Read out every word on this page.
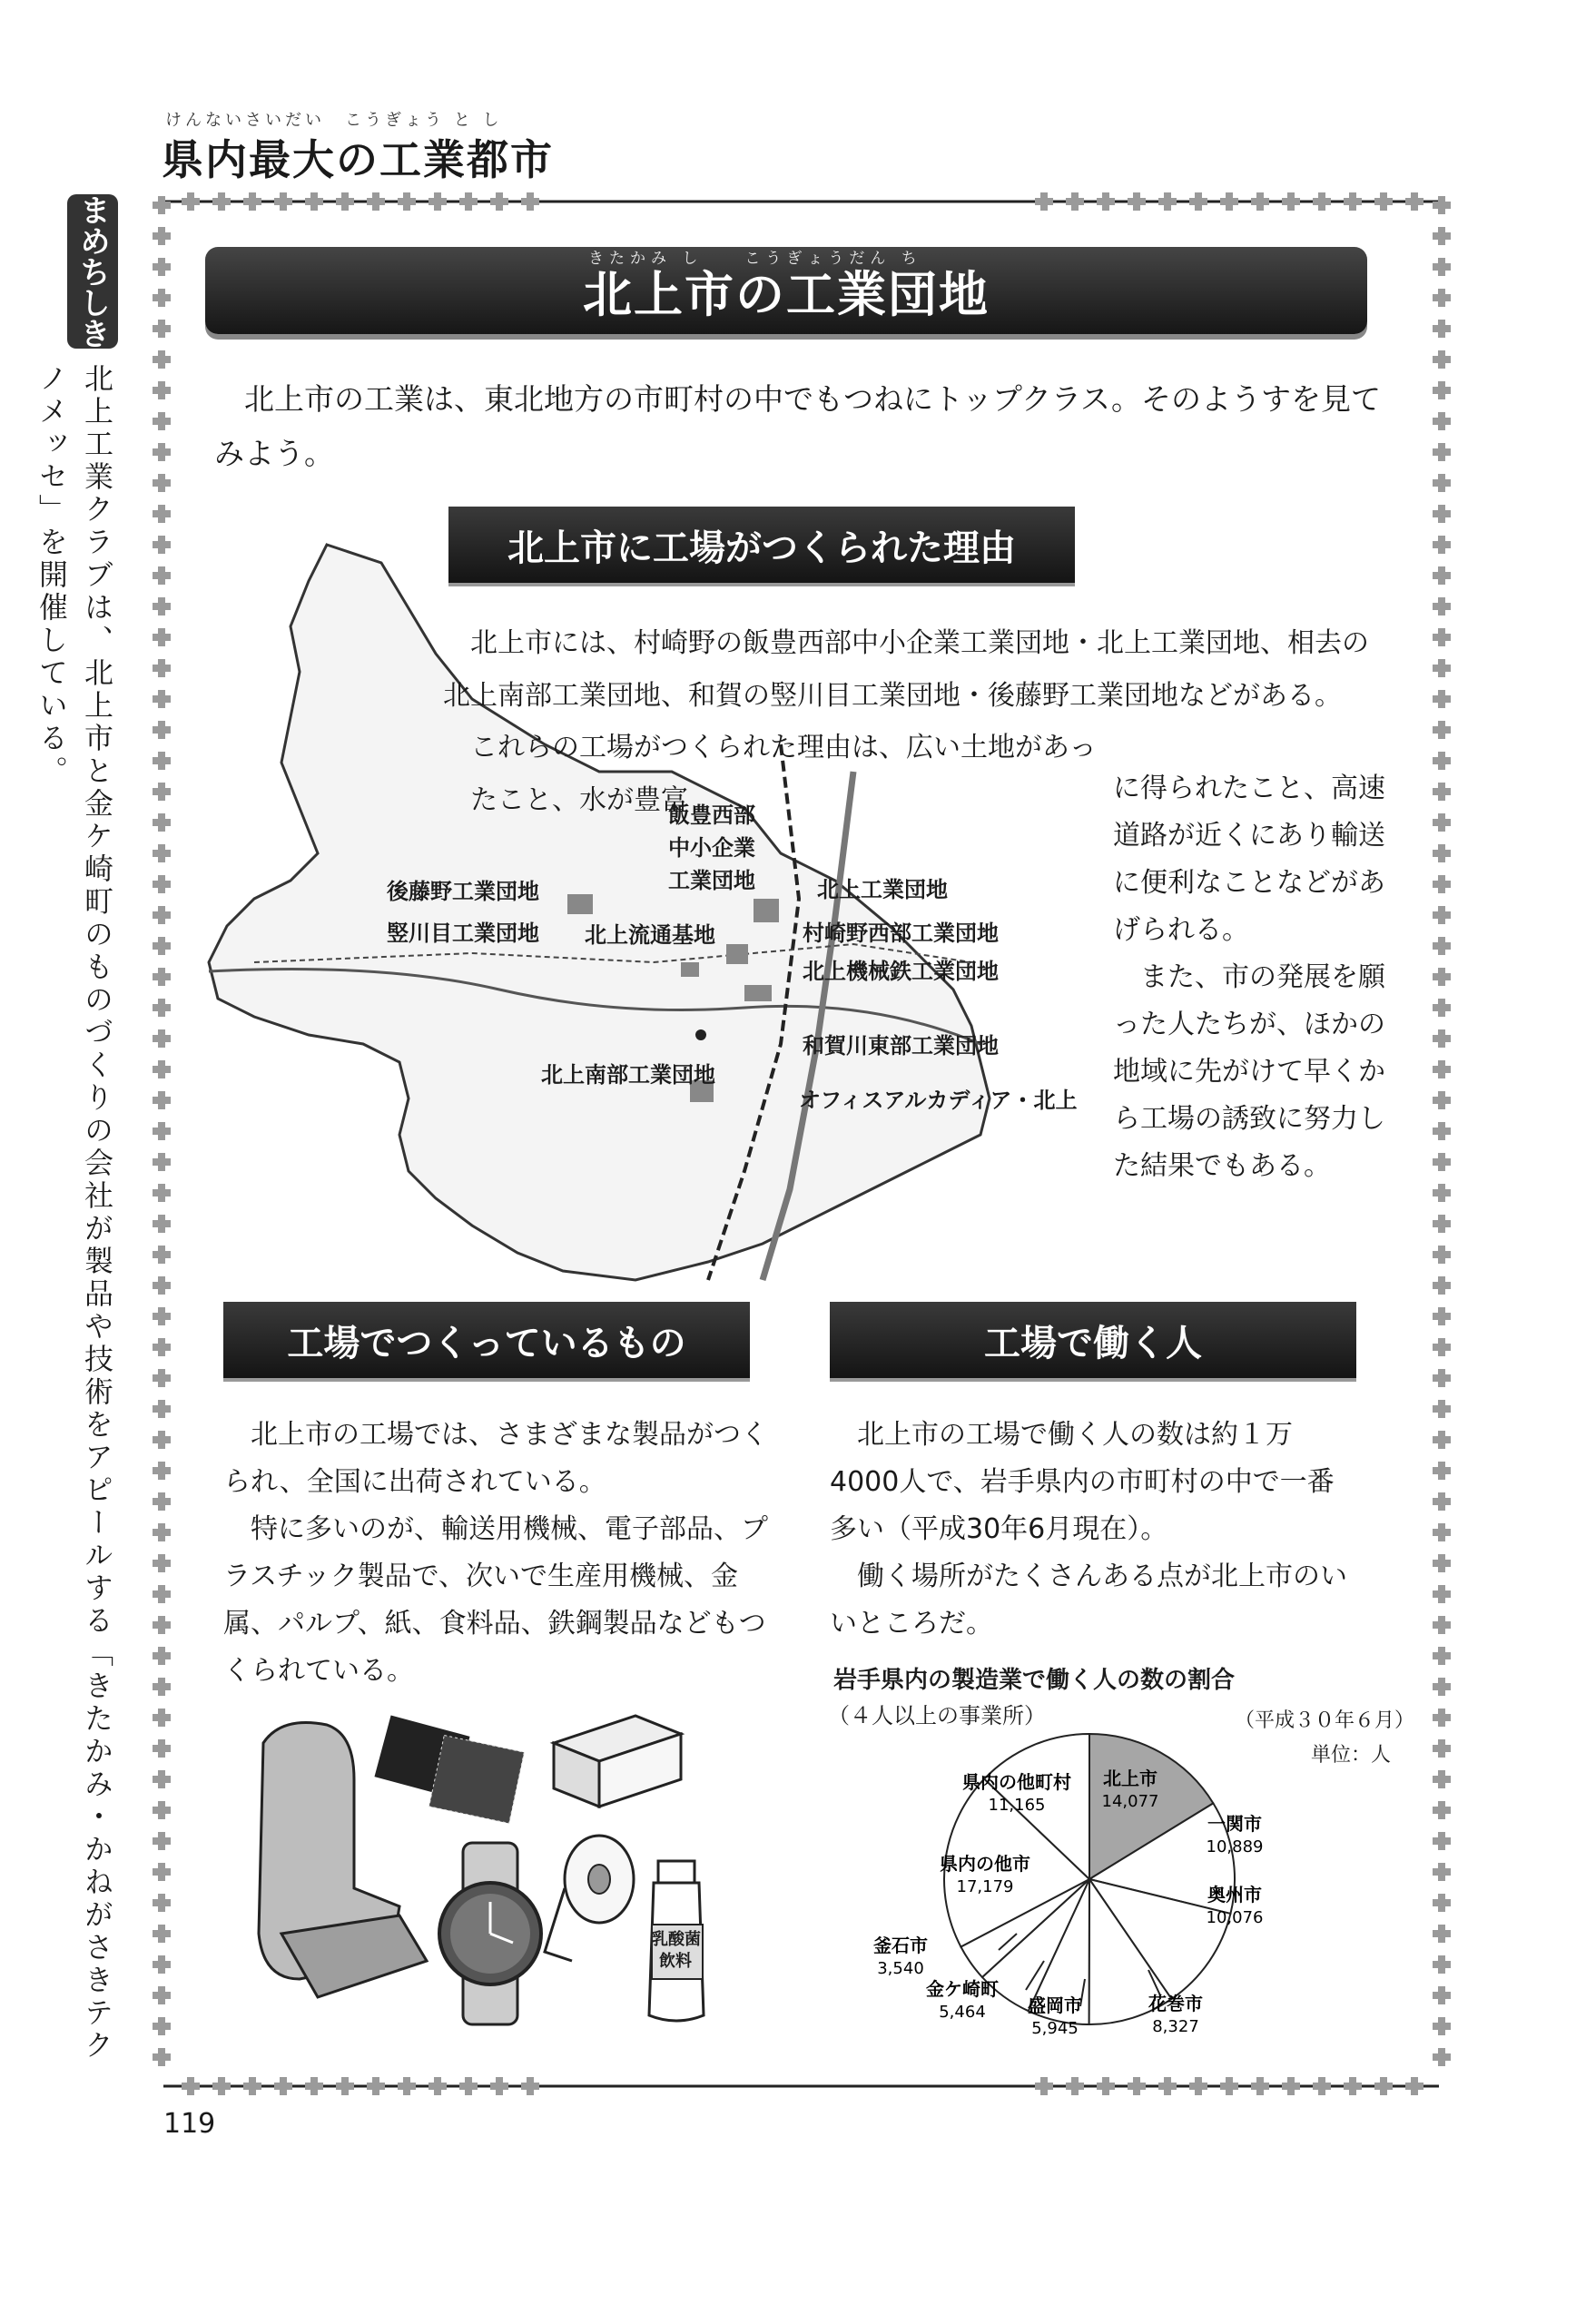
けんないさいだい　こうぎょう と し
県内最大の工業都市
まめちしき
北上工業クラブは、北上市と金ケ崎町のものづくりの会社が製品や技術をアピールする「きたかみ・かねがさきテクノメッセ」を開催している。
きたかみ し　　こうぎょうだん ち
北上市の工業団地
北上市の工業は、東北地方の市町村の中でもつねにトップクラス。そのようすを見てみよう。
北上市に工場がつくられた理由
飯豊西部
中小企業
工業団地	北上工業団地
後藤野工業団地
竪川目工業団地 北上流通基地	村崎野西部工業団地
北上機械鉄工業団地
和賀川東部工業団地
北上南部工業団地
オフィスアルカディア・北上
北上市には、村崎野の飯豊西部中小企業工業団地・北上工業団地、相去の北上南部工業団地、和賀の竪川目工業団地・後藤野工業団地などがある。
これらの工場がつくられた理由は、広い土地があったこと、水が豊富	に得られたこと、高速道路が近くにあり輸送に便利なことなどがあげられる。

また、市の発展を願った人たちが、ほかの地域に先がけて早くから工場の誘致に努力した結果でもある。

工場でつくっているもの

北上市の工場では、さまざまな製品がつくられ、全国に出荷されている。

特に多いのが、輸送用機械、電子部品、プラスチック製品で、次いで生産用機械、金属、パルプ、紙、食料品、鉄鋼製品などもつくられている。

乳酸菌
飲料
工場で働く人

北上市の工場で働く人の数は約１万4000人で、岩手県内の市町村の中で一番多い（平成30年6月現在）。

働く場所がたくさんある点が北上市のいいところだ。

岩手県内の製造業で働く人の数の割合
（４人以上の事業所）	（平成３０年６月）
単位：人
北上市
14,077
一関市
10,889
奥州市
10,076
花巻市
8,327
盛岡市
5,945
金ケ崎町
5,464
釜石市
3,540
県内の他市
17,179
県内の他町村
11,165
119
